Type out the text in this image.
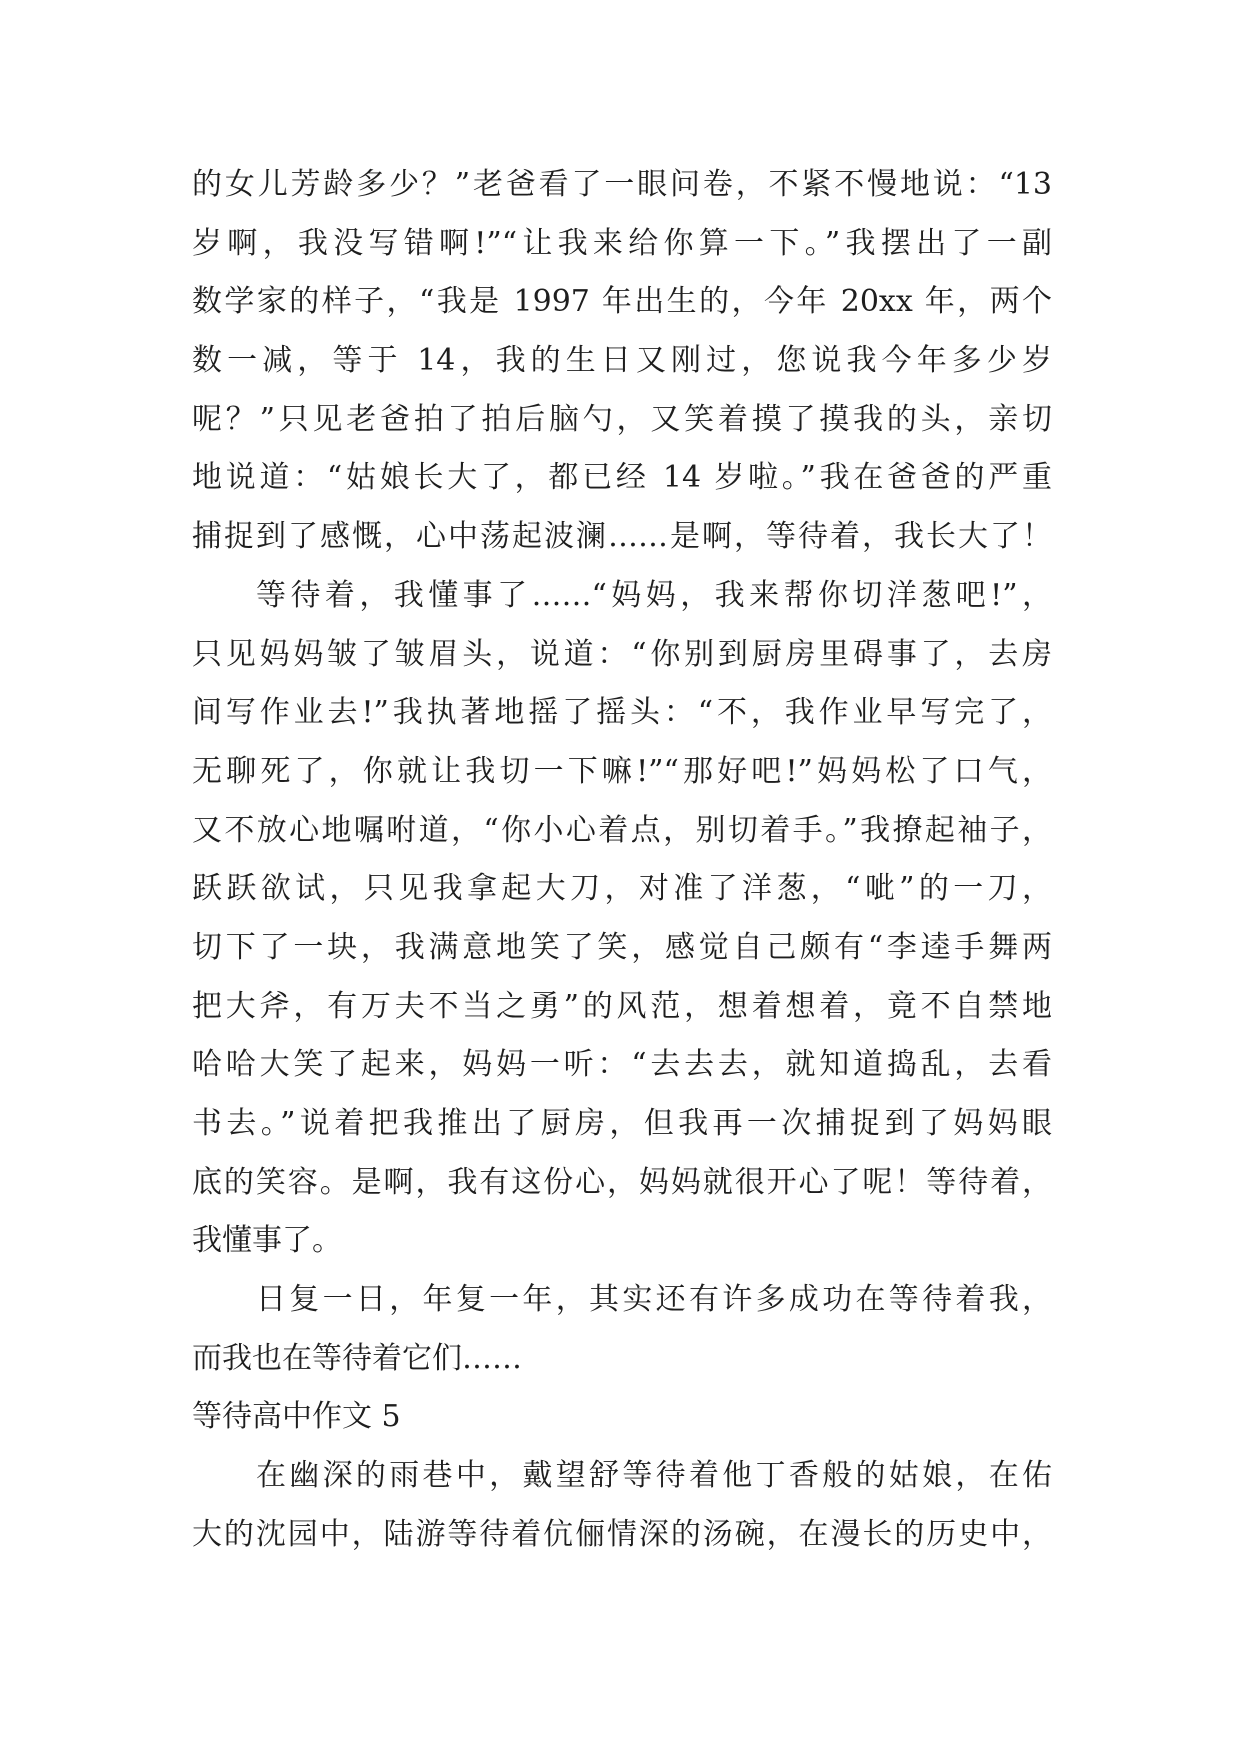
的女儿芳龄多少？”老爸看了一眼问卷，不紧不慢地说：“13
岁啊，我没写错啊!”“让我来给你算一下。”我摆出了一副
数学家的样子，“我是 1997 年出生的，今年 20xx 年，两个
数一减，等于 14，我的生日又刚过，您说我今年多少岁
呢？”只见老爸拍了拍后脑勺，又笑着摸了摸我的头，亲切
地说道：“姑娘长大了，都已经 14 岁啦。”我在爸爸的严重
捕捉到了感慨，心中荡起波澜……是啊，等待着，我长大了！
等待着，我懂事了……“妈妈，我来帮你切洋葱吧!”，
只见妈妈皱了皱眉头，说道：“你别到厨房里碍事了，去房
间写作业去!”我执著地摇了摇头：“不，我作业早写完了，
无聊死了，你就让我切一下嘛!”“那好吧!”妈妈松了口气，
又不放心地嘱咐道，“你小心着点，别切着手。”我撩起袖子，
跃跃欲试，只见我拿起大刀，对准了洋葱，“呲”的一刀，
切下了一块，我满意地笑了笑，感觉自己颇有“李逵手舞两
把大斧，有万夫不当之勇”的风范，想着想着，竟不自禁地
哈哈大笑了起来，妈妈一听：“去去去，就知道捣乱，去看
书去。”说着把我推出了厨房，但我再一次捕捉到了妈妈眼
底的笑容。是啊，我有这份心，妈妈就很开心了呢！等待着，
我懂事了。
日复一日，年复一年，其实还有许多成功在等待着我，
而我也在等待着它们……
等待高中作文 5
在幽深的雨巷中，戴望舒等待着他丁香般的姑娘，在佑
大的沈园中，陆游等待着伉俪情深的汤碗，在漫长的历史中，
